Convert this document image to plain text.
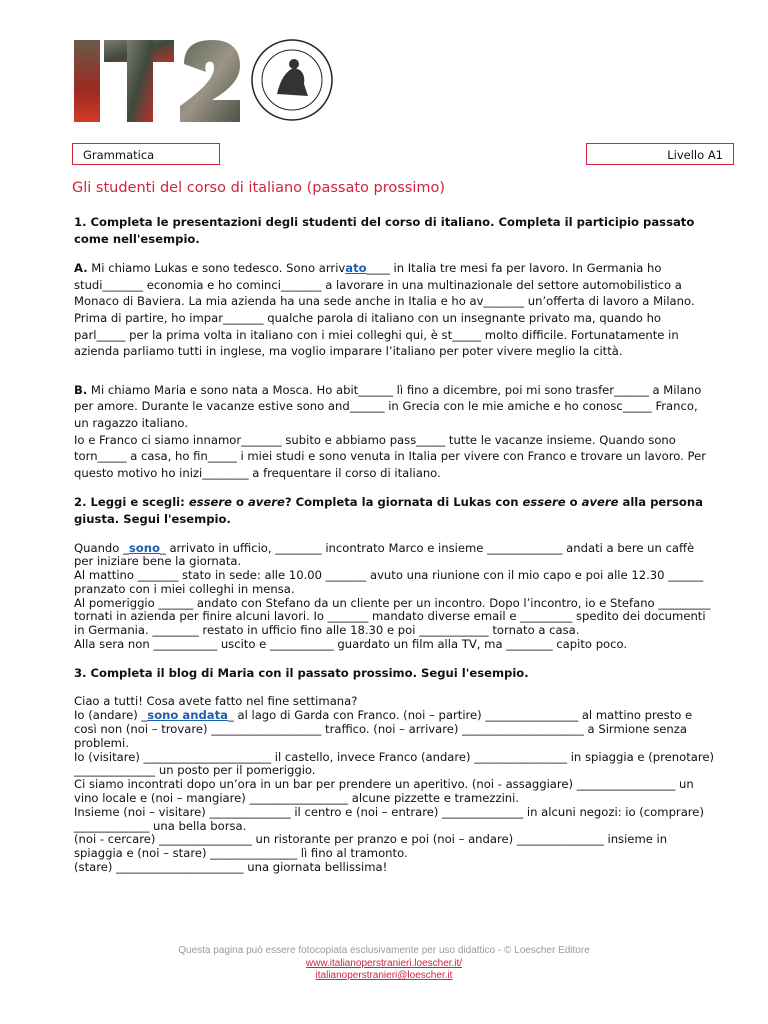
Grammatica	Livello A1
Gli studenti del corso di italiano (passato prossimo)

1. Completa le presentazioni degli studenti del corso di italiano. Completa il participio passato come nell'esempio.

A. Mi chiamo Lukas e sono tedesco. Sono arrivato____ in Italia tre mesi fa per lavoro. In Germania ho studi_______ economia e ho cominci_______ a lavorare in una multinazionale del settore automobilistico a Monaco di Baviera. La mia azienda ha una sede anche in Italia e ho av_______ un’offerta di lavoro a Milano. Prima di partire, ho impar_______ qualche parola di italiano con un insegnante privato ma, quando ho parl_____ per la prima volta in italiano con i miei colleghi qui, è st_____ molto difficile. Fortunatamente in azienda parliamo tutti in inglese, ma voglio imparare l’italiano per poter vivere meglio la città.

B. Mi chiamo Maria e sono nata a Mosca. Ho abit______ lì fino a dicembre, poi mi sono trasfer______ a Milano per amore. Durante le vacanze estive sono and______ in Grecia con le mie amiche e ho conosc_____ Franco, un ragazzo italiano.

Io e Franco ci siamo innamor_______ subito e abbiamo pass_____ tutte le vacanze insieme. Quando sono torn_____ a casa, ho fin_____ i miei studi e sono venuta in Italia per vivere con Franco e trovare un lavoro. Per questo motivo ho inizi________ a frequentare il corso di italiano.

2. Leggi e scegli: essere o avere? Completa la giornata di Lukas con essere o avere alla persona giusta. Segui l'esempio.

Quando _sono_ arrivato in ufficio, ________ incontrato Marco e insieme _____________ andati a bere un caffè per iniziare bene la giornata.

Al mattino _______ stato in sede: alle 10.00 _______ avuto una riunione con il mio capo e poi alle 12.30 ______ pranzato con i miei colleghi in mensa.

Al pomeriggio ______ andato con Stefano da un cliente per un incontro. Dopo l’incontro, io e Stefano _________ tornati in azienda per finire alcuni lavori. Io _______ mandato diverse email e _________ spedito dei documenti in Germania. ________ restato in ufficio fino alle 18.30 e poi ____________ tornato a casa.

Alla sera non ___________ uscito e ___________ guardato un film alla TV, ma ________ capito poco.

3. Completa il blog di Maria con il passato prossimo. Segui l'esempio.

Ciao a tutti! Cosa avete fatto nel fine settimana?

Io (andare) _sono andata_ al lago di Garda con Franco. (noi – partire) ________________ al mattino presto e così non (noi – trovare) ___________________ traffico. (noi – arrivare) _____________________ a Sirmione senza problemi.

Io (visitare) ______________________ il castello, invece Franco (andare) ________________ in spiaggia e (prenotare) ______________ un posto per il pomeriggio.

Ci siamo incontrati dopo un’ora in un bar per prendere un aperitivo. (noi - assaggiare) _________________ un vino locale e (noi – mangiare) _________________ alcune pizzette e tramezzini.

Insieme (noi – visitare) ______________ il centro e (noi – entrare) ______________ in alcuni negozi: io (comprare) _____________ una bella borsa.

(noi - cercare) ________________ un ristorante per pranzo e poi (noi – andare) _______________ insieme in spiaggia e (noi – stare) _______________ lì fino al tramonto.

(stare) ______________________ una giornata bellissima!

Questa pagina può essere fotocopiata esclusivamente per uso didattico - © Loescher Editore
www.italianoperstranieri.loescher.it/
italianoperstranieri@loescher.it
